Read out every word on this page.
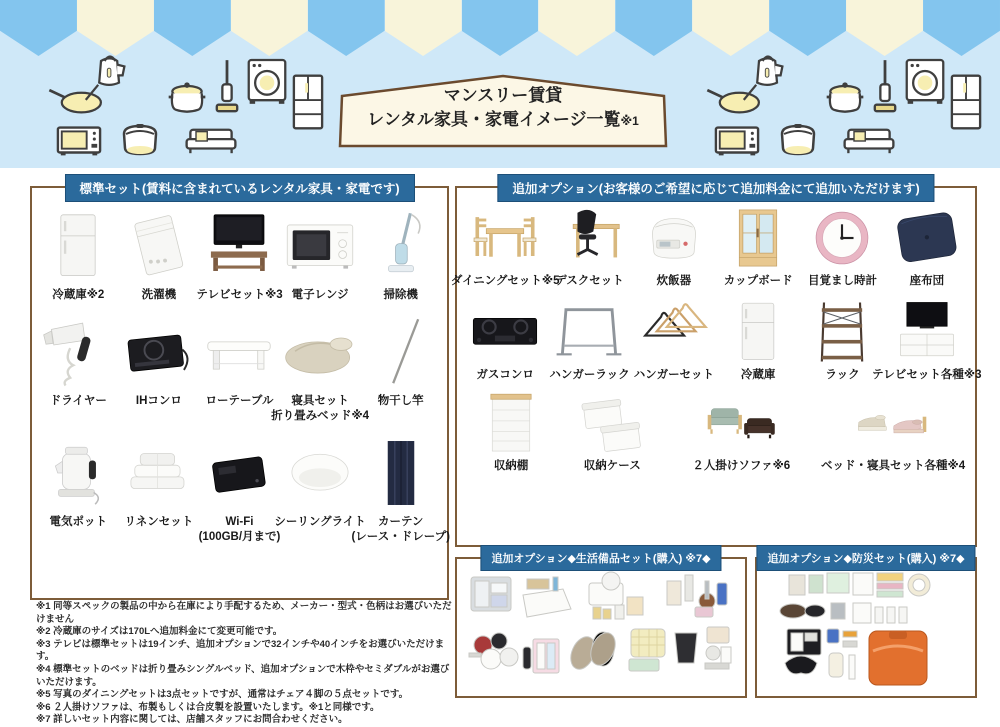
マンスリー賃貸
レンタル家具・家電イメージ一覧※1
標準セット(賃料に含まれているレンタル家具・家電です)
冷蔵庫※2	洗濯機 テレビセット※3 電子レンジ	掃除機
ドライヤー	IHコンロ ローテーブル	寝具セット
折り畳みベッド※4
物干し竿
電気ポット リネンセット	Wi-Fi
(100GB/月まで)
シーリングライト	カーテン
(レース・ドレープ)
追加オプション(お客様のご希望に応じて追加料金にて追加いただけます)
ダイニングセット※5
デスクセット	炊飯器	カップボード 目覚まし時計	座布団
ガスコンロ ハンガーラック ハンガーセット 冷蔵庫	ラック テレビセット各種※3
収納棚	収納ケース	２人掛けソファ※6	ベッド・寝具セット各種※4
追加オプション◆生活備品セット(購入) ※7◆	追加オプション◆防災セット(購入) ※7◆
※1 同等スペックの製品の中から在庫により手配するため、メーカー・型式・色柄はお選びいただけません
※2 冷蔵庫のサイズは170Lへ追加料金にて変更可能です。
※3 テレビは標準セットは19インチ、追加オプションで32インチや40インチをお選びいただけます。
※4 標準セットのベッドは折り畳みシングルベッド、追加オプションで木枠やセミダブルがお選びいただけます。
※5 写真のダイニングセットは3点セットですが、通常はチェア４脚の５点セットです。
※6 ２人掛けソファは、布製もしくは合皮製を設置いたします。※1と同様です。
※7 詳しいセット内容に関しては、店舗スタッフにお問合わせください。
